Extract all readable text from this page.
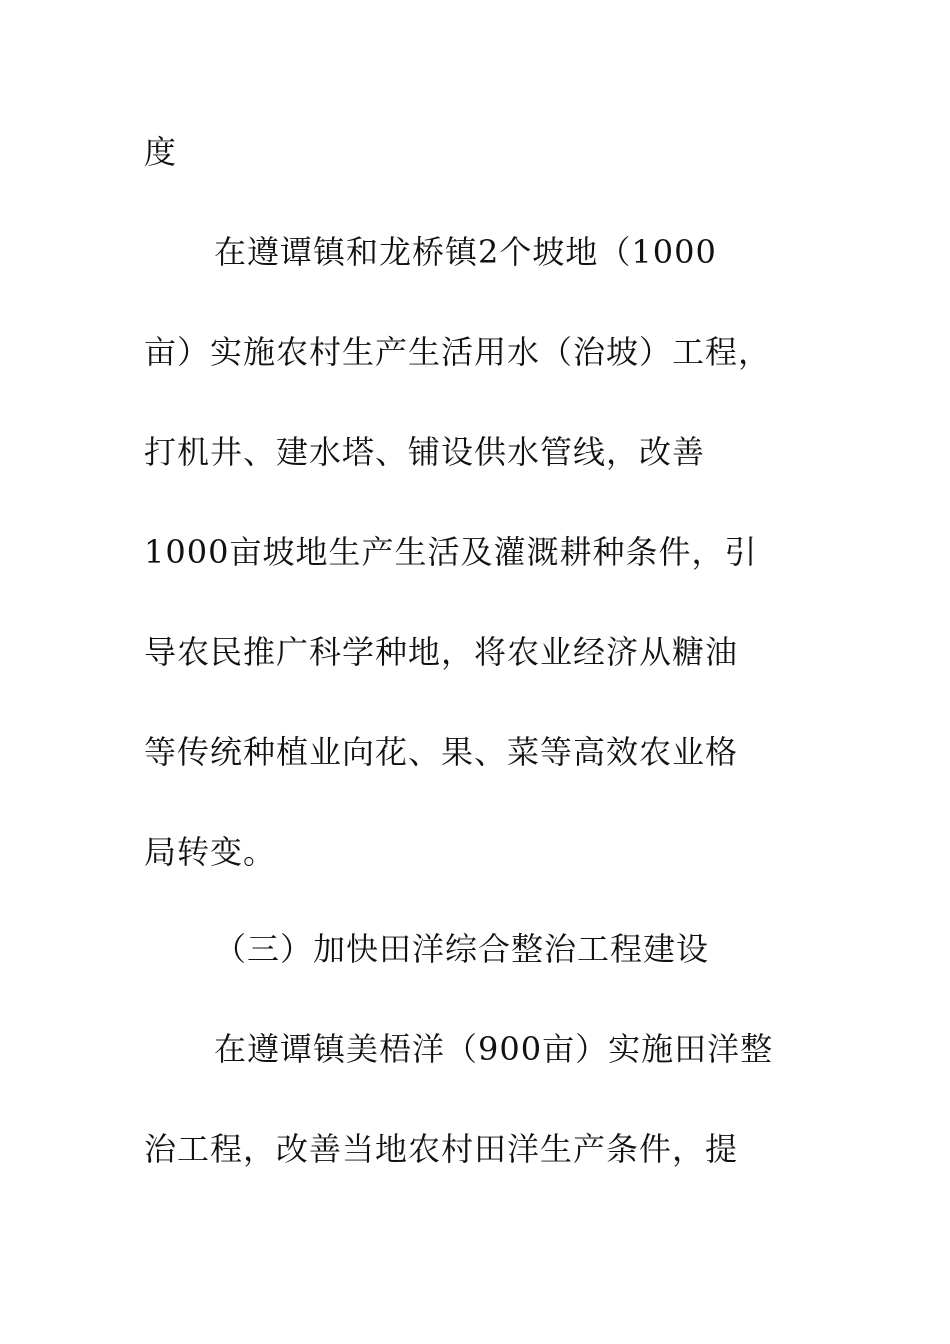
度
在遵谭镇和龙桥镇2个坡地（1000
亩）实施农村生产生活用水（治坡）工程，
打机井、建水塔、铺设供水管线，改善
1000亩坡地生产生活及灌溉耕种条件，引
导农民推广科学种地，将农业经济从糖油
等传统种植业向花、果、菜等高效农业格
局转变。
（三）加快田洋综合整治工程建设
在遵谭镇美梧洋（900亩）实施田洋整
治工程，改善当地农村田洋生产条件，提
